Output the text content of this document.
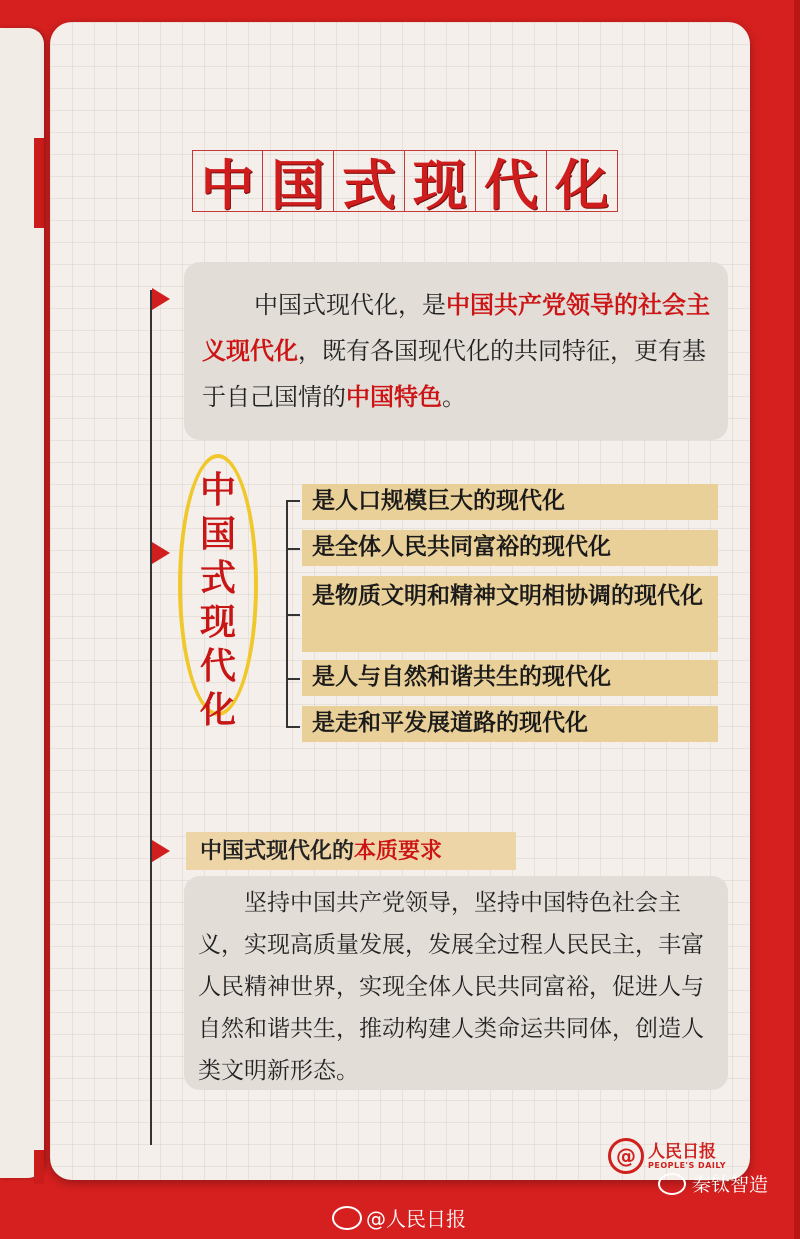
中 国 式 现 代 化

中国式现代化，是中国共产党领导的社会主义现代化，既有各国现代化的共同特征，更有基于自己国情的中国特色。

中
国
式
现
代
化
是人口规模巨大的现代化
是全体人民共同富裕的现代化
是物质文明和精神文明相协调的现代化
是人与自然和谐共生的现代化
是走和平发展道路的现代化
中国式现代化的本质要求

坚持中国共产党领导，坚持中国特色社会主义，实现高质量发展，发展全过程人民民主，丰富人民精神世界，实现全体人民共同富裕，促进人与自然和谐共生，推动构建人类命运共同体，创造人类文明新形态。

@ 人民日报
PEOPLE'S DAILY
秦钛智造
@人民日报
